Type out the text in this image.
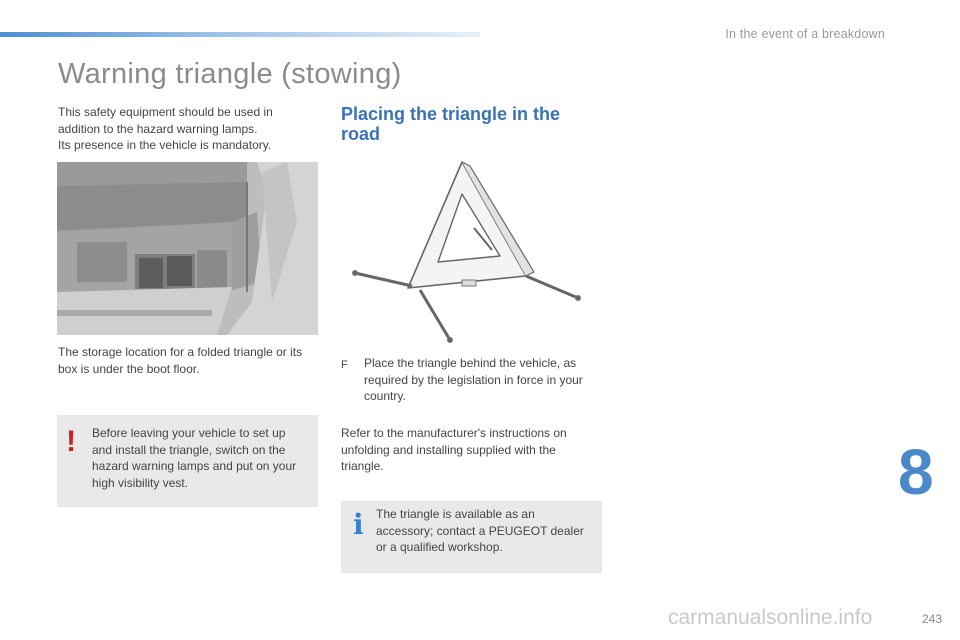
In the event of a breakdown
Warning triangle (stowing)

This safety equipment should be used in
addition to the hazard warning lamps.
Its presence in the vehicle is mandatory.

The storage location for a folded triangle or its
box is under the boot floor.

! Before leaving your vehicle to set up
and install the triangle, switch on the
hazard warning lamps and put on your
high visibility vest.

Placing the triangle in the
road
F	Place the triangle behind the vehicle, as
required by the legislation in force in your
country.

Refer to the manufacturer's instructions on
unfolding and installing supplied with the
triangle.

i The triangle is available as an
accessory; contact a PEUGEOT dealer
or a qualified workshop.

8
carmanualsonline.info	243
